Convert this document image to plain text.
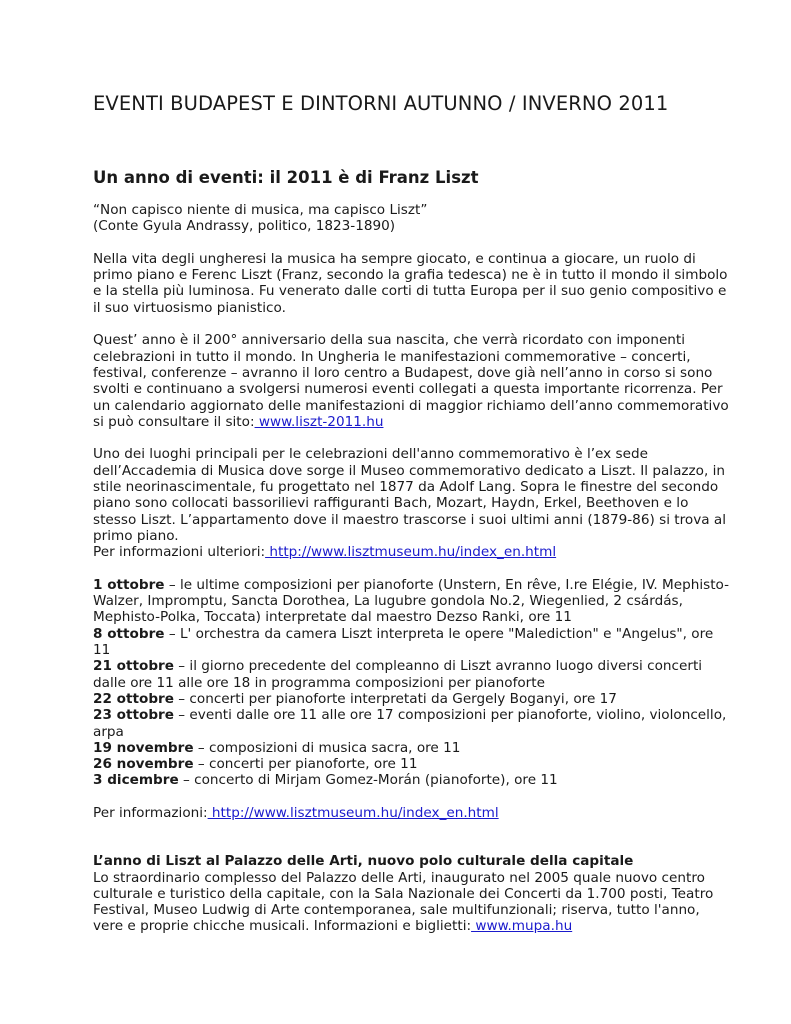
EVENTI BUDAPEST E DINTORNI AUTUNNO / INVERNO 2011
Un anno di eventi: il 2011 è di Franz Liszt

“Non capisco niente di musica, ma capisco Liszt”

(Conte Gyula Andrassy, politico, 1823-1890)

Nella vita degli ungheresi la musica ha sempre giocato, e continua a giocare, un ruolo di primo piano e Ferenc Liszt (Franz, secondo la grafia tedesca) ne è in tutto il mondo il simbolo e la stella più luminosa. Fu venerato dalle corti di tutta Europa per il suo genio compositivo e il suo virtuosismo pianistico.

Quest’ anno è il 200° anniversario della sua nascita, che verrà ricordato con imponenti celebrazioni in tutto il mondo. In Ungheria le manifestazioni commemorative – concerti, festival, conferenze – avranno il loro centro a Budapest, dove già nell’anno in corso si sono svolti e continuano a svolgersi numerosi eventi collegati a questa importante ricorrenza. Per un calendario aggiornato delle manifestazioni di maggior richiamo dell’anno commemorativo si può consultare il sito: www.liszt-2011.hu

Uno dei luoghi principali per le celebrazioni dell'anno commemorativo è l’ex sede dell’Accademia di Musica dove sorge il Museo commemorativo dedicato a Liszt. Il palazzo, in stile neorinascimentale, fu progettato nel 1877 da Adolf Lang. Sopra le finestre del secondo piano sono collocati bassorilievi raffiguranti Bach, Mozart, Haydn, Erkel, Beethoven e lo stesso Liszt. L’appartamento dove il maestro trascorse i suoi ultimi anni (1879-86) si trova al primo piano.

Per informazioni ulteriori: http://www.lisztmuseum.hu/index_en.html

1 ottobre – le ultime composizioni per pianoforte (Unstern, En rêve, I.re Elégie, IV. Mephisto-Walzer, Impromptu, Sancta Dorothea, La lugubre gondola No.2, Wiegenlied, 2 csárdás, Mephisto-Polka, Toccata) interpretate dal maestro Dezso Ranki, ore 11

8 ottobre – L' orchestra da camera Liszt interpreta le opere "Malediction" e "Angelus", ore 11

21 ottobre – il giorno precedente del compleanno di Liszt avranno luogo diversi concerti dalle ore 11 alle ore 18 in programma composizioni per pianoforte

22 ottobre – concerti per pianoforte interpretati da Gergely Boganyi, ore 17

23 ottobre – eventi dalle ore 11 alle ore 17 composizioni per pianoforte, violino, violoncello, arpa

19 novembre – composizioni di musica sacra, ore 11

26 novembre – concerti per pianoforte, ore 11

3 dicembre – concerto di Mirjam Gomez-Morán (pianoforte), ore 11

Per informazioni: http://www.lisztmuseum.hu/index_en.html

L’anno di Liszt al Palazzo delle Arti, nuovo polo culturale della capitale

Lo straordinario complesso del Palazzo delle Arti, inaugurato nel 2005 quale nuovo centro culturale e turistico della capitale, con la Sala Nazionale dei Concerti da 1.700 posti, Teatro Festival, Museo Ludwig di Arte contemporanea, sale multifunzionali; riserva, tutto l'anno, vere e proprie chicche musicali. Informazioni e biglietti: www.mupa.hu
